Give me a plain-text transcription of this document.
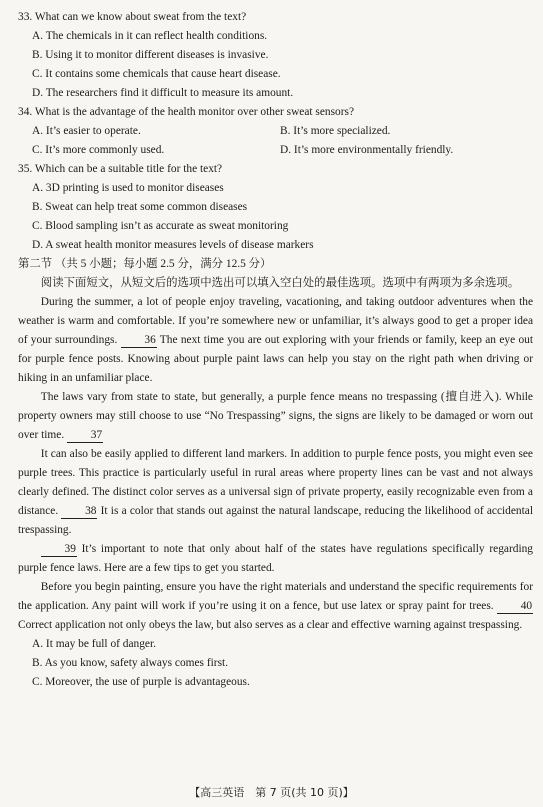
33. What can we know about sweat from the text?

A. The chemicals in it can reflect health conditions.
B. Using it to monitor different diseases is invasive.
C. It contains some chemicals that cause heart disease.
D. The researchers find it difficult to measure its amount.

34. What is the advantage of the health monitor over other sweat sensors?

A. It’s easier to operate.	B. It’s more specialized.
C. It’s more commonly used.	D. It’s more environmentally friendly.

35. Which can be a suitable title for the text?

A. 3D printing is used to monitor diseases
B. Sweat can help treat some common diseases
C. Blood sampling isn’t as accurate as sweat monitoring
D. A sweat health monitor measures levels of disease markers

第二节 （共 5 小题；每小题 2.5 分，满分 12.5 分）

阅读下面短文，从短文后的选项中选出可以填入空白处的最佳选项。选项中有两项为多余选项。

During the summer, a lot of people enjoy traveling, vacationing, and taking outdoor adventures when the weather is warm and comfortable. If you’re somewhere new or unfamiliar, it’s always good to get a proper idea of your surroundings. 36 The next time you are out exploring with your friends or family, keep an eye out for purple fence posts. Knowing about purple paint laws can help you stay on the right path when driving or hiking in an unfamiliar place.

The laws vary from state to state, but generally, a purple fence means no trespassing (擅自进入). While property owners may still choose to use “No Trespassing” signs, the signs are likely to be damaged or worn out over time. 37

It can also be easily applied to different land markers. In addition to purple fence posts, you might even see purple trees. This practice is particularly useful in rural areas where property lines can be vast and not always clearly defined. The distinct color serves as a universal sign of private property, easily recognizable even from a distance. 38 It is a color that stands out against the natural landscape, reducing the likelihood of accidental trespassing.

39 It’s important to note that only about half of the states have regulations specifically regarding purple fence laws. Here are a few tips to get you started.

Before you begin painting, ensure you have the right materials and understand the specific requirements for the application. Any paint will work if you’re using it on a fence, but use latex or spray paint for trees. 40 Correct application not only obeys the law, but also serves as a clear and effective warning against trespassing.

A. It may be full of danger.
B. As you know, safety always comes first.
C. Moreover, the use of purple is advantageous.
【高三英语　第 7 页(共 10 页)】
